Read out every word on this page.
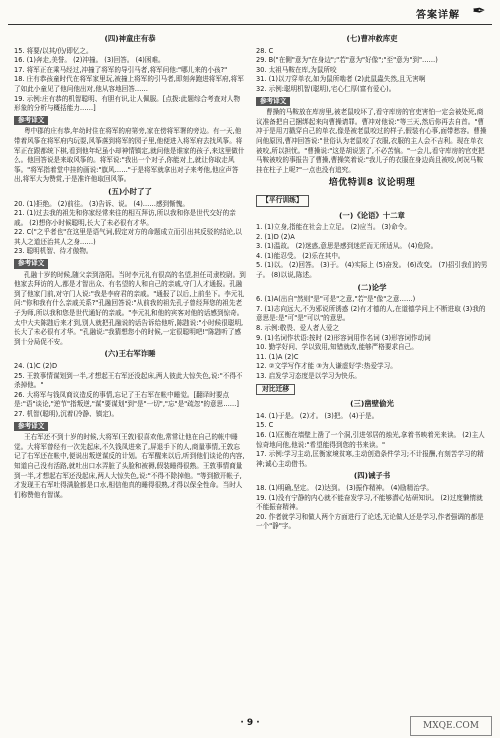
答案详解 ✒
(四)神童庄有恭
15. 将要/以其/仍/即忆之。
16. (1)奔走,美誉。 (2)冲撞。 (3)回答。 (4)困难。
17. 将军正在乘马经过,冲撞了将军的导引马者,将军问他:"哪儿来的小孩?"
18. 庄有恭孩童时代在将军家里玩,被撞上将军的引马者,即刻奔跑进将军府,将军了如此小童见了他问他出对,他从容地回答……
19. 示例:庄有恭的机智聪明、有胆有识,让人佩服。[点拨:此题综合考查对人物形象的分析与概括能力……]
参考译文
粤中郡的庄有恭,年幼时住在将军的府第旁,家在傍将军署的旁边。有一天,他带着风筝在将军府内玩耍,风筝落到将军的园子里,他便进入将军府去找风筝。将军正在跟都统下棋,看到他年纪虽小却神情镇定,就问他是谁家的孩子,来这里做什么。他回答说是来取风筝的。将军说:"我出一个对子,你能对上,就让你取走风筝。"将军指着堂中挂的画说:"旗风……"于是将军就拿出对子来考他,他应声答出,将军大为赞赏,于是准许他取回风筝。
(五)小时了了
20. (1)拒绝。 (2)前往。 (3)告诉、说。 (4)……感到惭愧。
21. (1)过去我的祖先和你家经常来往的相互拜访,所以我和你是世代交好的亲戚。 (2)想你小时候聪明,长大了未必很有才华。
22. C("之乎者也"在这里是语气词,假定对方的命题成立而引出其反驳的结论,以其人之道还治其人之身……)
23. 聪明机智、待才傲物。
参考译文
孔融十岁的时候,随父亲到洛阳。当时李元礼有很高的名望,担任司隶校尉。到他家去拜访的人,都是才智出众、有名望的人和自己的亲戚,守门人才通报。孔融到了他家门前,对守门人说:"我是李府君的亲戚。"通报了以后,上前坐下。李元礼问:"你和我有什么亲戚关系?"孔融回答说:"从前我的祖先孔子曾经拜您的祖先老子为师,所以我和您是世代通好的亲戚。"李元礼和他的宾客对他的话感到惊奇。太中大夫陈韪后来才到,别人就把孔融说的话告诉给他听,陈韪说:"小时候很聪明,长大了未必很有才华。"孔融说:"我猜想您小的时候,一定很聪明吧!"陈韪听了感到十分局促不安。
(六)王右军诈睡
24. (1)C (2)D
25. 王敦事情谋划到一半,才想起王右军还没起床,两人彼此大惊失色,说:"不得不杀掉他。"
26. 大将军与钱凤商议造反的事情,忘记了王右军在帐中睡觉。[翻译时要点是:"语"谈论,"逆节"指叛逆,"谋"要谋划"到"是"一切","忘"是"疏忽"的意思……]
27. 机智(聪明),沉着(冷静、镇定)。
参考译文
王右军还不到十岁的时候,大将军(王敦)很喜欢他,常常让他在自己的帐中睡觉。大将军曾经有一次先起床,不久钱凤进来了,屏退手下的人,商量事情,王敦忘记了右军还在帐中,便说出叛逆谋反的计划。右军醒来以后,听到他们谈论的内容,知道自己没有活路,就吐出口水弄脏了头脸和被褥,假装睡得很熟。王敦事情商量到一半,才想起右军还没起床,两人大惊失色,说:"不得不除掉他。"等到掀开帐子,才发现王右军吐得满脸都是口水,相信他真的睡得很熟,才得以保全性命。当时人们称赞他有智谋。
(七)曹冲救库吏
28. C
29. B("在側"意为"在身边";"若"意为"好像";"至"意为"到"……)
30. 太祖马鞍在库,为鼠所咬
31. (1)以刀穿单衣,如为鼠所啮者 (2)此鼠蟲失然,且无害啊
32. 示例:聪明机智(聪明),宅心仁厚(富有爱心)。
参考译文
曹操的马鞍放在库房里,被老鼠咬坏了,看守库房的官吏害怕一定会被处死,商议准备把自己捆绑起来向曹操请罪。曹冲对他说:"等三天,然后你再去自首。"曹冲于是用刀戳穿自己的单衣,像是被老鼠咬过的样子,假装有心事,面带愁容。曹操问他原因,曹冲回答说:"世俗认为老鼠咬了衣服,衣服的主人会不吉利。现在单衣被咬,所以担忧。"曹操说:"这是胡说罢了,不必苦恼。"一会儿,看守库房的官吏把马鞍被咬的事报告了曹操,曹操笑着说:"我儿子的衣服在身边尚且被咬,何况马鞍挂在柱子上呢?"一点也没有追究。
培优特训8 议论明理
【平行训练】
(一)《论语》十二章
1. (1)立身,指能在社会上立足。 (2)应当。 (3)命令。
2. (1)D (2)A
3. (1)温故。 (2)迷惑,意思是感到迷茫而无所适从。 (4)危险。
4. (1)能忍受。 (2)乐在其中。
5. (1)以。 (2)回答。 (3)于。 (4)实际上 (5)奋发。 (6)改变。 (7)招引我们的男子。 (8)以说,陈述。
(二)论学
6. (1)A(出自"然则"是"可是"之意,"若"是"像"之意……)
7. (1)志向远大,不为邪说所诱惑 (2)有才德的人,在道德学问上不断进取 (3)我的意思是:是"可"是"可以"的意思。
8. 示例:敬畏、爱人者人爱之
9. (1)名词作状语:按时 (2)形容词用作名词 (3)形容词作动词
10. 勤学好问、学以致用,知错就改,能够严格要求自己。
11. (1)A (2)C
12. ②文学写作才能 ③为人谦虚好学:热爱学习。
13. 启发学习态度是以学习为快乐。
对比迁移
(三)凿壁偷光
14. (1)于是。 (2)才。 (3)把。 (4)于是。
15. C
16. (1)匡衡在墙壁上凿了一个洞,引进邻居的烛光,拿着书映着光来读。 (2)主人惊奇地问他,他说:"希望能得到您的书来读。"
17. 示例:学习主动,匡衡家境贫寒,主动创造条件学习;不计报酬,有刻苦学习的精神;诚心主动借书。
(四)诫子书
18. (1)明确,坚定。 (2)达到。 (3)振作精神。 (4)励精治学。
19. (1)没有宁静的内心就不能奋发学习,不能够潜心钻研知识。 (2)过度懒惰就不能振奋精神。
20. 作者就学习和做人两个方面进行了论述,无论做人还是学习,作者强调的都是一个"静"字。
· 9 ·	MXQE.COM
